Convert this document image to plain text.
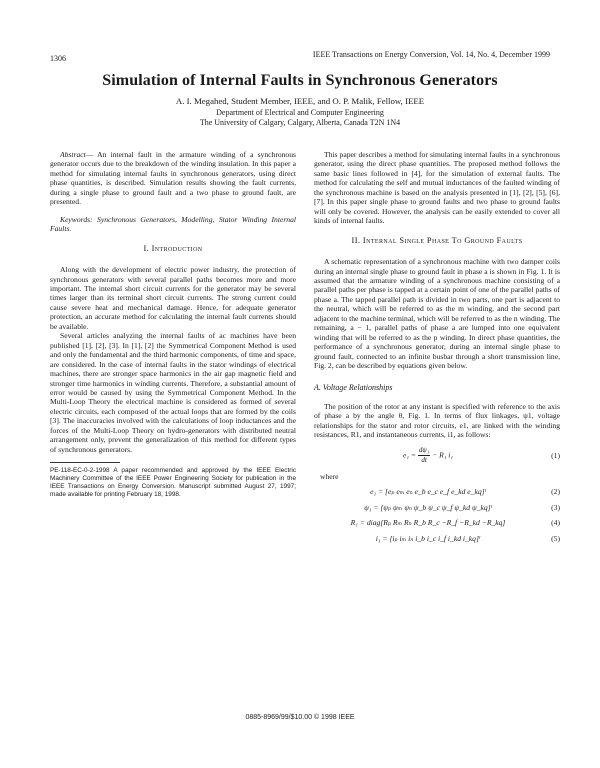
1306	IEEE Transactions on Energy Conversion, Vol. 14, No. 4, December 1999
Simulation of Internal Faults in Synchronous Generators
A. I. Megahed, Student Member, IEEE, and O. P. Malik, Fellow, IEEE
Department of Electrical and Computer Engineering
The University of Calgary, Calgary, Alberta, Canada T2N 1N4

Abstract— An internal fault in the armature winding of a synchronous generator occurs due to the breakdown of the winding insulation. In this paper a method for simulating internal faults in synchronous generators, using direct phase quantities, is described. Simulation results showing the fault currents, during a single phase to ground fault and a two phase to ground fault, are presented.

Keywords: Synchronous Generators, Modelling, Stator Winding Internal Faults.

I. Introduction

Along with the development of electric power industry, the protection of synchronous generators with several parallel paths becomes more and more important. The internal short circuit currents for the generator may be several times larger than its terminal short circuit currents. The strong current could cause severe heat and mechanical damage. Hence, for adequate generator protection, an accurate method for calculating the internal fault currents should be available.

Several articles analyzing the internal faults of ac machines have been published [1], [2], [3]. In [1], [2] the Symmetrical Component Method is used and only the fundamental and the third harmonic components, of time and space, are considered. In the case of internal faults in the stator windings of electrical machines, there are stronger space harmonics in the air gap magnetic field and stronger time harmonics in winding currents. Therefore, a substantial amount of error would be caused by using the Symmetrical Component Method. In the Multi-Loop Theory the electrical machine is considered as formed of several electric circuits, each composed of the actual loops that are formed by the coils [3]. The inaccuracies involved with the calculations of loop inductances and the forces of the Multi-Loop Theory on hydro-generators with distributed neutral arrangement only, prevent the generalization of this method for different types of synchronous generators.

PE-118-EC-0-2-1998 A paper recommended and approved by the IEEE Electric Machinery Committee of the IEEE Power Engineering Society for publication in the IEEE Transactions on Energy Conversion. Manuscript submitted August 27, 1997; made available for printing February 18, 1998.

This paper describes a method for simulating internal faults in a synchronous generator, using the direct phase quantities. The proposed method follows the same basic lines followed in [4], for the simulation of external faults. The method for calculating the self and mutual inductances of the faulted winding of the synchronous machine is based on the analysis presented in [1], [2], [5], [6], [7]. In this paper single phase to ground faults and two phase to ground faults will only be covered. However, the analysis can be easily extended to cover all kinds of internal faults.

II. Internal Single Phase To Ground Faults

A schematic representation of a synchronous machine with two damper coils during an internal single phase to ground fault in phase a is shown in Fig. 1. It is assumed that the armature winding of a synchronous machine consisting of a parallel paths per phase is tapped at a certain point of one of the parallel paths of phase a. The tapped parallel path is divided in two parts, one part is adjacent to the neutral, which will be referred to as the m winding, and the second part adjacent to the machine terminal, which will be referred to as the n winding. The remaining, a − 1, parallel paths of phase a are lumped into one equivalent winding that will be referred to as the p winding. In direct phase quantities, the performance of a synchronous generator, during an internal single phase to ground fault, connected to an infinite busbar through a short transmission line, Fig. 2, can be described by equations given below.

A. Voltage Relationships

The position of the rotor at any instant is specified with reference to the axis of phase a by the angle θ, Fig. 1. In terms of flux linkages, ψ1, voltage relationships for the stator and rotor circuits, e1, are linked with the winding resistances, R1, and instantaneous currents, i1, as follows:

$e_1 = \frac{\text{dψ₁}}{dt} - R_1$ i₁	(1)

where

e₁ = [eₚ eₘ eₙ e_b e_c e_f e_kd e_kq]ᵗ	(2)
ψ₁ = [ψₚ ψₘ ψₙ ψ_b ψ_c ψ_f ψ_kd ψ_kq]ᵗ	(3)
R₁ = diag[Rₚ Rₘ Rₙ R_b R_c −R_f −R_kd −R_kq]	(4)
i₁ = [iₚ iₘ iₙ i_b i_c i_f i_kd i_kq]ᵗ	(5)
0885-8969/99/$10.00 © 1998 IEEE
